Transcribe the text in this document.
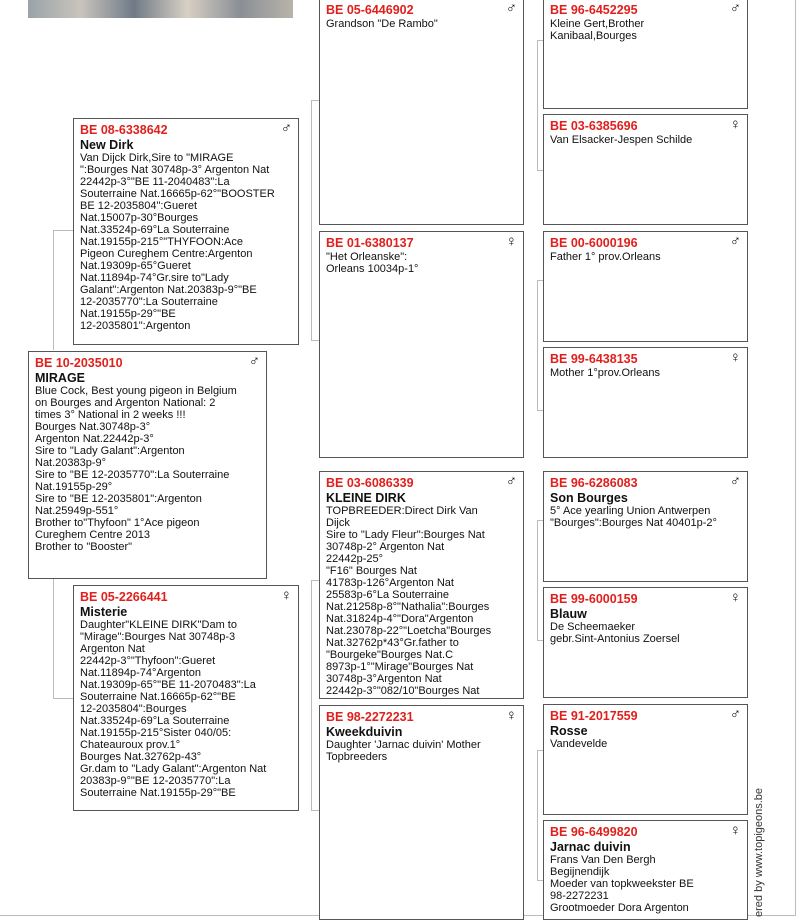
BE 10-2035010	♂
MIRAGE
Blue Cock, Best young pigeon in Belgium
on Bourges and Argenton National: 2
times 3° National in 2 weeks !!!
Bourges Nat.30748p-3°
Argenton Nat.22442p-3°
Sire to "Lady Galant":Argenton
Nat.20383p-9°
Sire to "BE 12-2035770":La Souterraine
Nat.19155p-29°
Sire to "BE 12-2035801":Argenton
Nat.25949p-551°
Brother to"Thyfoon" 1°Ace pigeon
Cureghem Centre 2013
Brother to "Booster"
BE 08-6338642	♂
New Dirk
Van Dijck Dirk,Sire to "MIRAGE
":Bourges Nat 30748p-3° Argenton Nat
22442p-3°"BE 11-2040483":La
Souterraine Nat.16665p-62°"BOOSTER
BE 12-2035804":Gueret
Nat.15007p-30°Bourges
Nat.33524p-69°La Souterraine
Nat.19155p-215°"THYFOON:Ace
Pigeon Cureghem Centre:Argenton
Nat.19309p-65°Gueret
Nat.11894p-74°Gr.sire to"Lady
Galant":Argenton Nat.20383p-9°"BE
12-2035770":La Souterraine
Nat.19155p-29°"BE
12-2035801":Argenton
BE 05-2266441	♀
Misterie
Daughter"KLEINE DIRK"Dam to
"Mirage":Bourges Nat 30748p-3
Argenton Nat
22442p-3°"Thyfoon":Gueret
Nat.11894p-74°Argenton
Nat.19309p-65°"BE 11-2070483":La
Souterraine Nat.16665p-62°"BE
12-2035804":Bourges
Nat.33524p-69°La Souterraine
Nat.19155p-215°Sister 040/05:
Chateauroux prov.1°
Bourges Nat.32762p-43°
Gr.dam to "Lady Galant":Argenton Nat
20383p-9°"BE 12-2035770":La
Souterraine Nat.19155p-29°"BE
BE 05-6446902	♂
Grandson "De Rambo"
BE 01-6380137	♀
"Het Orleanske":
Orleans 10034p-1°
BE 03-6086339	♂
KLEINE DIRK
TOPBREEDER:Direct Dirk Van
Dijck
Sire to "Lady Fleur":Bourges Nat
30748p-2° Argenton Nat
22442p-25°
"F16" Bourges Nat
41783p-126°Argenton Nat
25583p-6°La Souterraine
Nat.21258p-8°"Nathalia":Bourges
Nat.31824p-4°"Dora"Argenton
Nat.23078p-22°"Loetcha"Bourges
Nat.32762p*43°Gr.father to
"Bourgeke"Bourges Nat.C
8973p-1°"Mirage"Bourges Nat
30748p-3°Argenton Nat
22442p-3°"082/10"Bourges Nat
BE 98-2272231	♀
Kweekduivin
Daughter 'Jarnac duivin' Mother
Topbreeders
BE 96-6452295	♂
Kleine Gert,Brother
Kanibaal,Bourges
BE 03-6385696	♀
Van Elsacker-Jespen Schilde
BE 00-6000196	♂
Father 1° prov.Orleans
BE 99-6438135	♀
Mother 1°prov.Orleans
BE 96-6286083	♂
Son Bourges
5° Ace yearling Union Antwerpen
"Bourges":Bourges Nat 40401p-2°
BE 99-6000159	♀
Blauw
De Scheemaeker
gebr.Sint-Antonius Zoersel
BE 91-2017559	♂
Rosse
Vandevelde
BE 96-6499820	♀
Jarnac duivin
Frans Van Den Bergh
Begijnendijk
Moeder van topkweekster BE
98-2272231
Grootmoeder Dora Argenton	ered by www.topigeons.be
